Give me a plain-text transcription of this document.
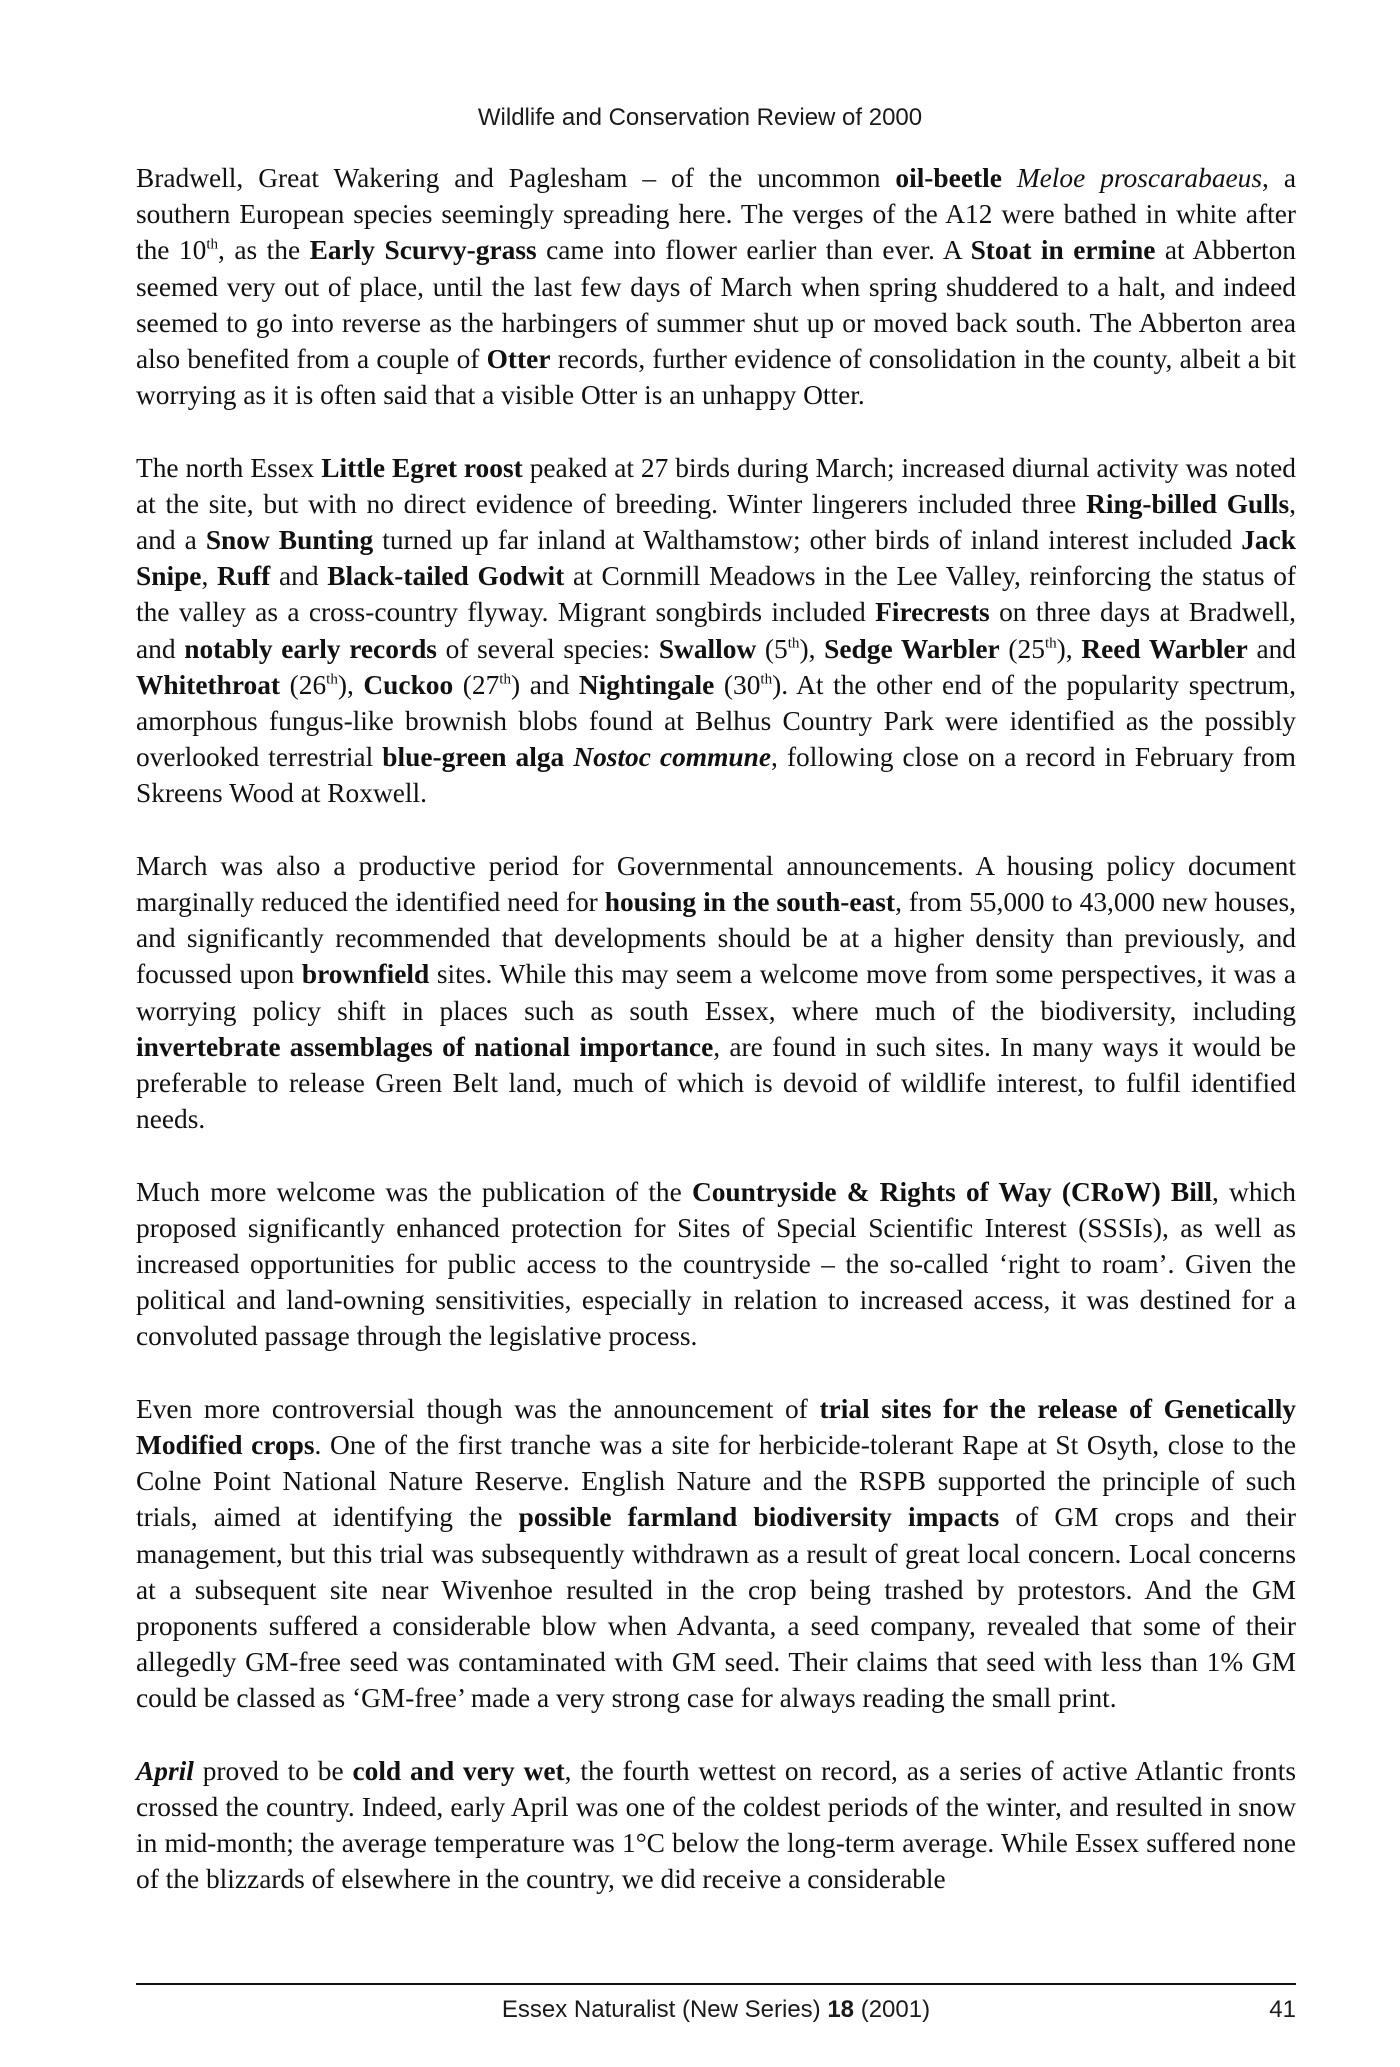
Wildlife and Conservation Review of 2000

Bradwell, Great Wakering and Paglesham – of the uncommon oil-beetle Meloe proscarabaeus, a southern European species seemingly spreading here. The verges of the A12 were bathed in white after the 10th, as the Early Scurvy-grass came into flower earlier than ever. A Stoat in ermine at Abberton seemed very out of place, until the last few days of March when spring shuddered to a halt, and indeed seemed to go into reverse as the harbingers of summer shut up or moved back south. The Abberton area also benefited from a couple of Otter records, further evidence of consolidation in the county, albeit a bit worrying as it is often said that a visible Otter is an unhappy Otter.

The north Essex Little Egret roost peaked at 27 birds during March; increased diurnal activity was noted at the site, but with no direct evidence of breeding. Winter lingerers included three Ring-billed Gulls, and a Snow Bunting turned up far inland at Walthamstow; other birds of inland interest included Jack Snipe, Ruff and Black-tailed Godwit at Cornmill Meadows in the Lee Valley, reinforcing the status of the valley as a cross-country flyway. Migrant songbirds included Firecrests on three days at Bradwell, and notably early records of several species: Swallow (5th), Sedge Warbler (25th), Reed Warbler and Whitethroat (26th), Cuckoo (27th) and Nightingale (30th). At the other end of the popularity spectrum, amorphous fungus-like brownish blobs found at Belhus Country Park were identified as the possibly overlooked terrestrial blue-green alga Nostoc commune, following close on a record in February from Skreens Wood at Roxwell.

March was also a productive period for Governmental announcements. A housing policy document marginally reduced the identified need for housing in the south-east, from 55,000 to 43,000 new houses, and significantly recommended that developments should be at a higher density than previously, and focussed upon brownfield sites. While this may seem a welcome move from some perspectives, it was a worrying policy shift in places such as south Essex, where much of the biodiversity, including invertebrate assemblages of national importance, are found in such sites. In many ways it would be preferable to release Green Belt land, much of which is devoid of wildlife interest, to fulfil identified needs.

Much more welcome was the publication of the Countryside & Rights of Way (CRoW) Bill, which proposed significantly enhanced protection for Sites of Special Scientific Interest (SSSIs), as well as increased opportunities for public access to the countryside – the so-called ‘right to roam’. Given the political and land-owning sensitivities, especially in relation to increased access, it was destined for a convoluted passage through the legislative process.

Even more controversial though was the announcement of trial sites for the release of Genetically Modified crops. One of the first tranche was a site for herbicide-tolerant Rape at St Osyth, close to the Colne Point National Nature Reserve. English Nature and the RSPB supported the principle of such trials, aimed at identifying the possible farmland biodiversity impacts of GM crops and their management, but this trial was subsequently withdrawn as a result of great local concern. Local concerns at a subsequent site near Wivenhoe resulted in the crop being trashed by protestors. And the GM proponents suffered a considerable blow when Advanta, a seed company, revealed that some of their allegedly GM-free seed was contaminated with GM seed. Their claims that seed with less than 1% GM could be classed as ‘GM-free’ made a very strong case for always reading the small print.

April proved to be cold and very wet, the fourth wettest on record, as a series of active Atlantic fronts crossed the country. Indeed, early April was one of the coldest periods of the winter, and resulted in snow in mid-month; the average temperature was 1°C below the long-term average. While Essex suffered none of the blizzards of elsewhere in the country, we did receive a considerable

Essex Naturalist (New Series) 18 (2001)	41
